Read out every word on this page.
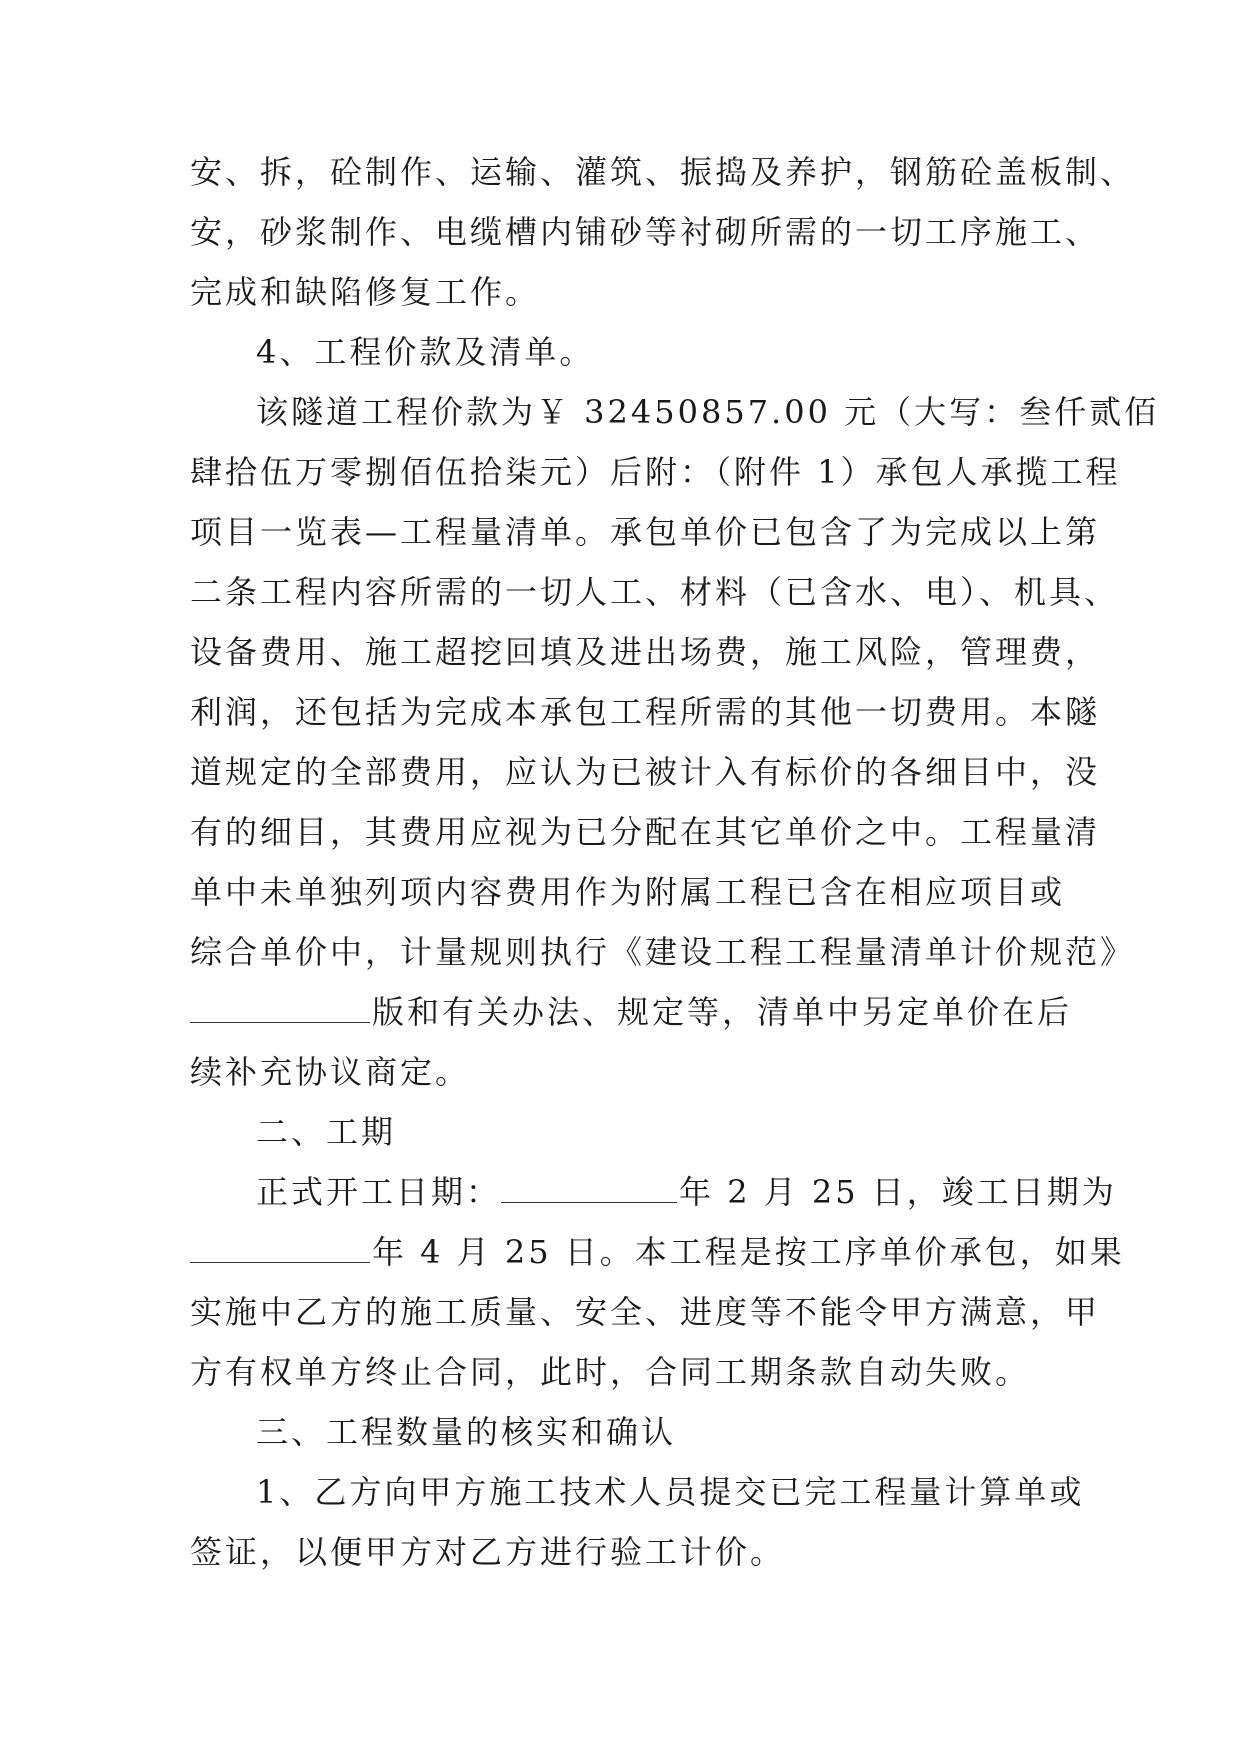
安、拆，砼制作、运输、灌筑、振捣及养护，钢筋砼盖板制、
安，砂浆制作、电缆槽内铺砂等衬砌所需的一切工序施工、
完成和缺陷修复工作。
4、工程价款及清单。
该隧道工程价款为￥ 32450857.00 元（大写：叁仟贰佰
肆拾伍万零捌佰伍拾柒元）后附：（附件 1）承包人承揽工程
项目一览表—工程量清单。承包单价已包含了为完成以上第
二条工程内容所需的一切人工、材料（已含水、电）、机具、
设备费用、施工超挖回填及进出场费，施工风险，管理费，
利润，还包括为完成本承包工程所需的其他一切费用。本隧
道规定的全部费用，应认为已被计入有标价的各细目中，没
有的细目，其费用应视为已分配在其它单价之中。工程量清
单中未单独列项内容费用作为附属工程已含在相应项目或
综合单价中，计量规则执行《建设工程工程量清单计价规范》
版和有关办法、规定等，清单中另定单价在后
续补充协议商定。
二、工期
正式开工日期：	年 2 月 25 日，竣工日期为
年 4 月 25 日。本工程是按工序单价承包，如果
实施中乙方的施工质量、安全、进度等不能令甲方满意，甲
方有权单方终止合同，此时，合同工期条款自动失败。
三、工程数量的核实和确认
1、乙方向甲方施工技术人员提交已完工程量计算单或
签证，以便甲方对乙方进行验工计价。
